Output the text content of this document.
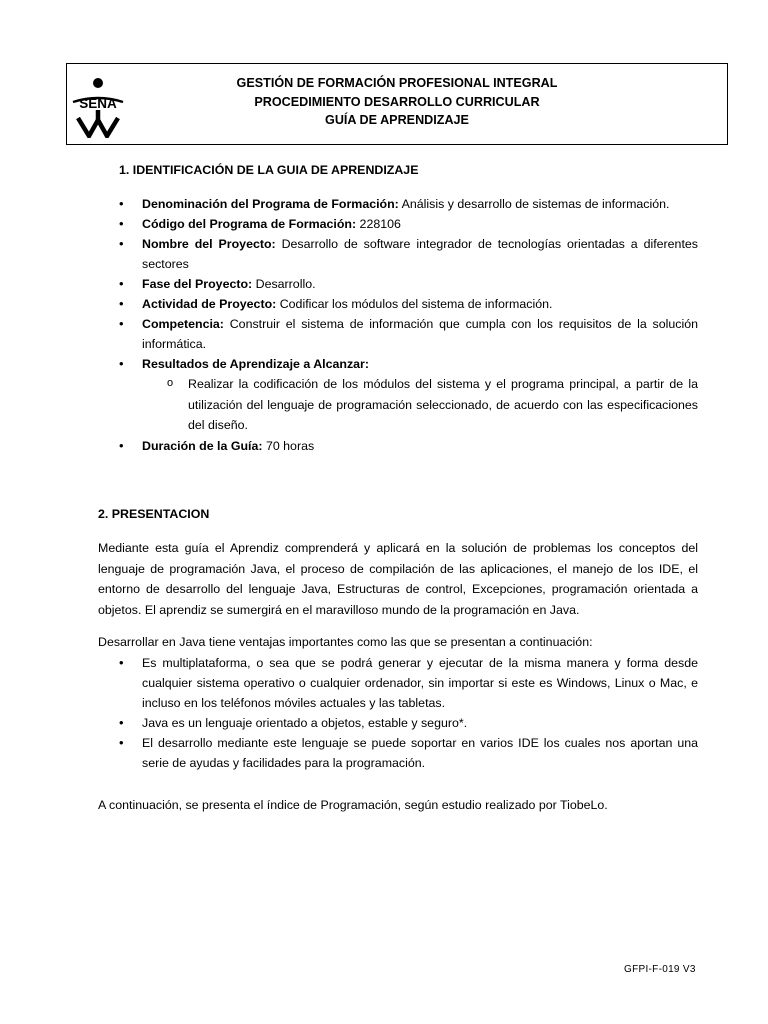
SENA
GESTIÓN DE FORMACIÓN PROFESIONAL INTEGRAL
PROCEDIMIENTO DESARROLLO CURRICULAR
GUÍA DE APRENDIZAJE
1. IDENTIFICACIÓN DE LA GUIA DE APRENDIZAJE
• Denominación del Programa de Formación: Análisis y desarrollo de sistemas de información.
• Código del Programa de Formación: 228106
• Nombre del Proyecto: Desarrollo de software integrador de tecnologías orientadas a diferentes sectores
• Fase del Proyecto: Desarrollo.
• Actividad de Proyecto: Codificar los módulos del sistema de información.
• Competencia: Construir el sistema de información que cumpla con los requisitos de la solución informática.
• Resultados de Aprendizaje a Alcanzar:
o Realizar la codificación de los módulos del sistema y el programa principal, a partir de la utilización del lenguaje de programación seleccionado, de acuerdo con las especificaciones del diseño.
• Duración de la Guía: 70 horas
2. PRESENTACION
Mediante esta guía el Aprendiz comprenderá y aplicará en la solución de problemas los conceptos del lenguaje de programación Java, el proceso de compilación de las aplicaciones, el manejo de los IDE, el entorno de desarrollo del lenguaje Java, Estructuras de control, Excepciones, programación orientada a objetos. El aprendiz se sumergirá en el maravilloso mundo de la programación en Java.
Desarrollar en Java tiene ventajas importantes como las que se presentan a continuación:
• Es multiplataforma, o sea que se podrá generar y ejecutar de la misma manera y forma desde cualquier sistema operativo o cualquier ordenador, sin importar si este es Windows, Linux o Mac, e incluso en los teléfonos móviles actuales y las tabletas.
• Java es un lenguaje orientado a objetos, estable y seguro*.
• El desarrollo mediante este lenguaje se puede soportar en varios IDE los cuales nos aportan una serie de ayudas y facilidades para la programación.
A continuación, se presenta el índice de Programación, según estudio realizado por TiobeLo.
GFPI-F-019 V3
